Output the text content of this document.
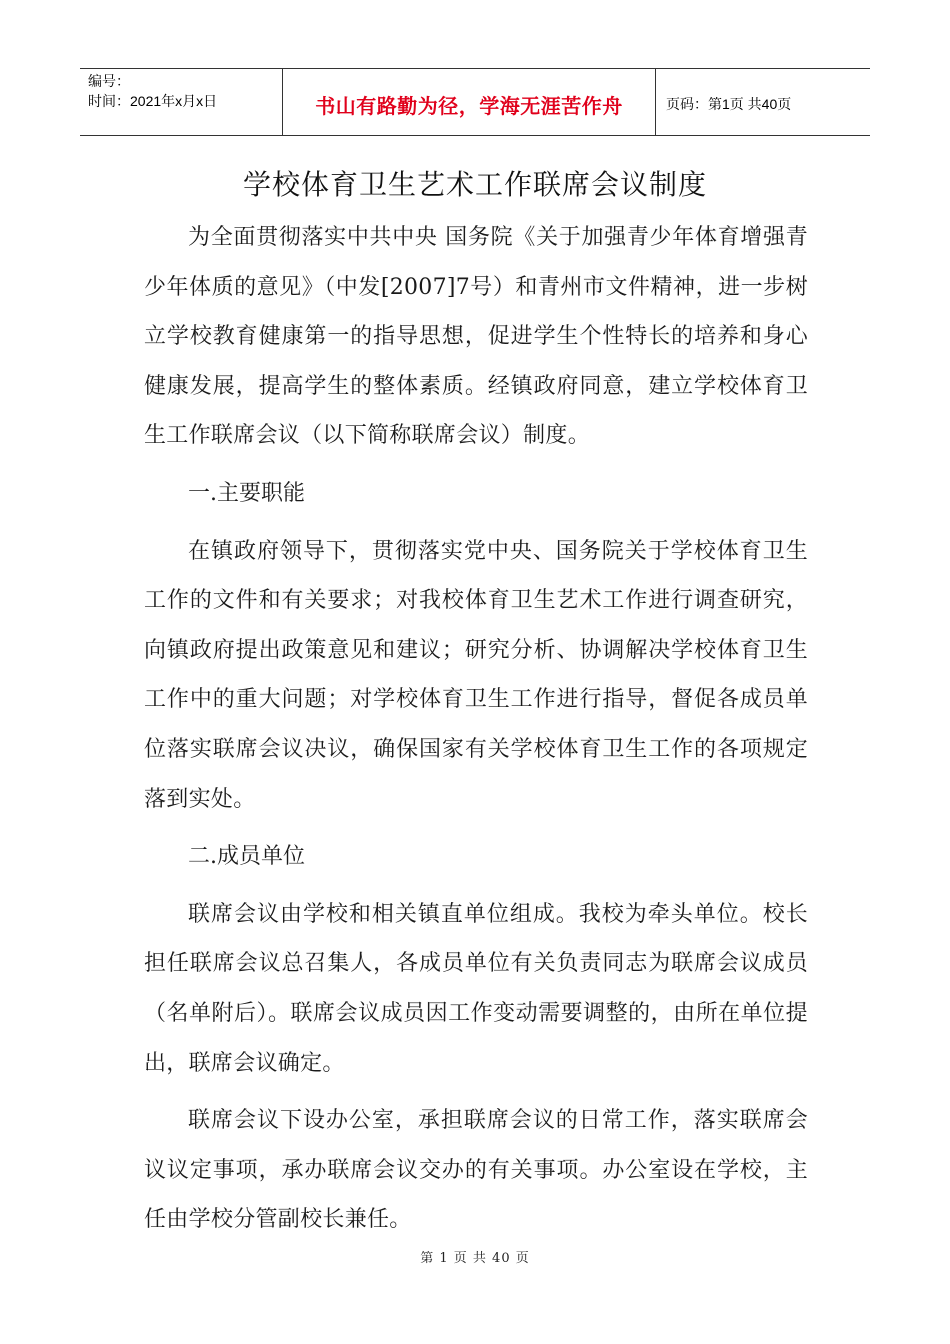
编号：
时间：2021年x月x日	书山有路勤为径，学海无涯苦作舟	页码：第1页 共40页
学校体育卫生艺术工作联席会议制度

为全面贯彻落实中共中央 国务院《关于加强青少年体育增强青少年体质的意见》（中发[2007]7号）和青州市文件精神，进一步树立学校教育健康第一的指导思想，促进学生个性特长的培养和身心健康发展，提高学生的整体素质。经镇政府同意，建立学校体育卫生工作联席会议（以下简称联席会议）制度。

一.主要职能

在镇政府领导下，贯彻落实党中央、国务院关于学校体育卫生工作的文件和有关要求；对我校体育卫生艺术工作进行调查研究，向镇政府提出政策意见和建议；研究分析、协调解决学校体育卫生工作中的重大问题；对学校体育卫生工作进行指导，督促各成员单位落实联席会议决议，确保国家有关学校体育卫生工作的各项规定落到实处。

二.成员单位

联席会议由学校和相关镇直单位组成。我校为牵头单位。校长担任联席会议总召集人，各成员单位有关负责同志为联席会议成员（名单附后）。联席会议成员因工作变动需要调整的，由所在单位提出，联席会议确定。

联席会议下设办公室，承担联席会议的日常工作，落实联席会议议定事项，承办联席会议交办的有关事项。办公室设在学校，主任由学校分管副校长兼任。

第 1 页 共 40 页
